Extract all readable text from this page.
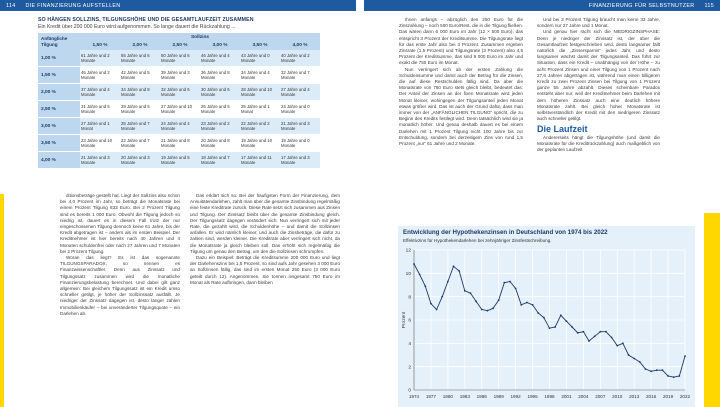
114 DIE FINANZIERUNG AUFSTELLEN	FINANZIERUNG FÜR SELBSTNUTZER 115
SO HÄNGEN SOLLZINS, TILGUNGSHÖHE UND DIE GESAMTLAUFZEIT ZUSAMMEN
Ein Kredit über 200 000 Euro wird aufgenommen. So lange dauert die Rückzahlung ...
Anfängliche Tilgung	Sollzins					
	1,50 %	2,00 %	2,50 %	3,00 %	3,50 %	4,00 %
1,00 %	61 Jahre und 2 Monate	55 Jahre und 6 Monate	50 Jahre und 6 Monate	46 Jahre und 4 Monate	43 Jahre und 0 Monate	40 Jahre und 2 Monate
1,50 %	46 Jahre und 2 Monate	42 Jahre und 5 Monate	39 Jahre und 3 Monate	36 Jahre und 8 Monate	34 Jahre und 4 Monate	32 Jahre und 7 Monate
2,00 %	37 Jahre und 4 Monate	34 Jahre und 8 Monate	32 Jahre und 6 Monate	30 Jahre und 6 Monate	28 Jahre und 10 Monate	27 Jahre und 4 Monate
2,50 %	31 Jahre und 5 Monate	29 Jahre und 5 Monate	27 Jahre und 10 Monate	26 Jahre und 5 Monate	25 Jahre und 1 Monat	24 Jahre und 0 Monate
3,00 %	27 Jahre und 1 Monat	25 Jahre und 7 Monate	24 Jahre und 4 Monate	23 Jahre und 2 Monate	22 Jahre und 2 Monate	21 Jahre und 3 Monate
3,50 %	23 Jahre und 10 Monate	22 Jahre und 7 Monate	21 Jahre und 8 Monate	20 Jahre und 8 Monate	19 Jahre und 10 Monate	19 Jahre und 0 Monate
4,00 %	21 Jahre und 3 Monate	20 Jahre und 3 Monate	19 Jahre und 5 Monate	18 Jahre und 7 Monate	17 Jahre und 11 Monate	17 Jahre und 3 Monate

ditionsbeträge gestellt hat. Liegt der Sollzins also schon bei 4,0 Prozent im Jahr, so beträgt die Monatsrate bei einem Prozent Tilgung 833 Euro. Bei 2 Prozent Tilgung sind es bereits 1 000 Euro. Obwohl die Tilgung jedoch so niedrig ist, dauert es in diesem Fall trotz der nur eingeschossenen Tilgung dennoch keine 61 Jahre, bis der Kredit abgetragen ist – anders als im ersten Beispiel. Der Kreditnehmer ist hier bereits nach 40 Jahren und 4 Monaten schuldenfrei oder nach 27 Jahren und 7 Monaten bei 2 Prozent Tilgung.

Woran das liegt? Es ist das sogenannte TILGUNGSPARADOX, so nennen es Finanzwissenschaftler. Denn aus Zinssatz und Tilgungssatz zusammen wird die monatliche Finanzierungsbelastung berechnet. Und dabei gilt ganz allgemein: Bei gleichem Tilgungssatz ist ein Kredit umso schneller getilgt, je höher der Sollzinssatz ausfällt. Je niedriger der Zinssatz dagegen ist, desto länger zahlen Immobilienkäufer – bei unveränderter Tilgungsquote – ein Darlehen ab.

Das erklärt sich so: Bei der häufigsten Form der Finanzierung, dem Annuitätendarlehen, zahlt man über die gesamte Zinsbindung regelmäßig eine feste Kreditrate zurück. Diese Rate setzt sich zusammen aus Zinsen und Tilgung. Der Zinssatz bleibt über die gesamte Zinsbindung gleich. Der Tilgungssatz dagegen verändert sich. Nun verringert sich mit jeder Rate, die gezahlt wird, die Schuldenhöhe – und damit die Sollzinsen anfallen. Er wird nämlich kleiner, und auch die Zinsbeträge, die dafür zu zahlen sind, werden kleiner. Die Kreditrate aber verringert sich nicht, da die Monatsrate ja gleich bleiben soll. Das erhöht sich regelmäßig die Tilgung um genau den Betrag, um den die Sollzinsen schrumpfen.

Dazu ein Beispiel: Beträgt die Kreditsumme 200 000 Euro und liegt der Darlehenszins bei 1,5 Prozent, so sind aufs Jahr gesehen 3 000 Euro an Sollzinsen fällig, das sind im ersten Monat 250 Euro (3 000 Euro geteilt durch 12). Angenommen, Sie tonnen insgesamt 750 Euro im Monat als Rate aufbringen, dann bleiben

Ihnen anfangs – abzüglich den 250 Euro für die Zinszahlung – noch 500 Euro/Rest, die in die Tilgung fließen. Das wären dann 6 000 Euro im Jahr (12 × 500 Euro), das entspricht 3 Prozent der Kreditsumme. Die Tilgungsrate liegt für das erste Jahr also bei 3 Prozent. Zusammen ergeben Zinsrate (1,5 Prozent) und Tilgungsrate (3 Prozent) also 4,5 Prozent der Kreditsumme, das sind 9 000 Euro im Jahr und exakt die 750 Euro im Monat.

Nun verringert sich ab der ersten Zahlung die Schuldensumme und damit auch der Betrag für die Zinsen, die auf diese Restschulden fällig sind. Da aber die Monatsrate von 750 Euro stets gleich bleibt, bedeutet das: Der Anteil der Zinsen an der fixen Monatsrate wird jeden Monat kleiner, wohingegen der Tilgungsanteil jeden Monat etwas größer wird. Das ist auch der Grund dafür, dass man immer von der „ANFÄNGLICHEN TILGUNG“ spricht, die zu Beginn des Kredits festlegt wird. Denn tatsächlich wird sie ja monatlich höher. Und genau deshalb dauert es bei einem Darlehen mit 1 Prozent Tilgung nicht 100 Jahre bis zur Entschuldung, sondern bei derzeitigem Zins von rund 1,5 Prozent „nur“ 61 Jahre und 2 Monate.

Und bei 3 Prozent Tilgung braucht man keine 33 Jahre, sondern nur 27 Jahre und 1 Monat.

Und genau hier rächt sich die NIEDRIGZINSPHASE: Denn je niedriger der Zinssatz ist, der über die Gesamtlaufzeit festgeschrieben wird, desto langsamer fällt natürlich die „Zinsersparnis“ jedes Jahr, und desto langsamer wächst damit der Tilgungsanteil. Das führt zur Situation, dass ein Kredit – unabhängig von der Höhe – zu acht Prozent Zinsen und einer Tilgung von 1 Prozent nach 27,6 Jahren abgetragen ist, während man einen billigeren Kredit zu zwei Prozent Zinsen bei Tilgung von 1 Prozent ganze 55 Jahre abzahlt. Dieses scheinbare Paradox entsteht aber nur, weil der Kreditnehmer beim Darlehen mit dem höheren Zinssatz auch eine deutlich höhere Monatsrate zahlt. Bei gleich hoher Monatsrate ist selbstverständlich der Kredit mit den niedrigeren Zinssatz auch schneller getilgt.

Die Laufzeit

Andererseits hängt die Tilgungshöhe (und damit die Monatsrate für die Kreditrückzahlung) auch maßgeblich von der geplanten Laufzeit

Entwicklung der Hypothekenzinsen in Deutschland von 1974 bis 2022
Effektivzins für Hypothekendarlehen bei zehnjähriger Zinsfestschreibung.
0
2
4
6
8
10
12
1974 1977 1980 1983 1986 1989 1992 1995 1998 2001 2004 2007 2010 2013 2016 2019 2022
Prozent
